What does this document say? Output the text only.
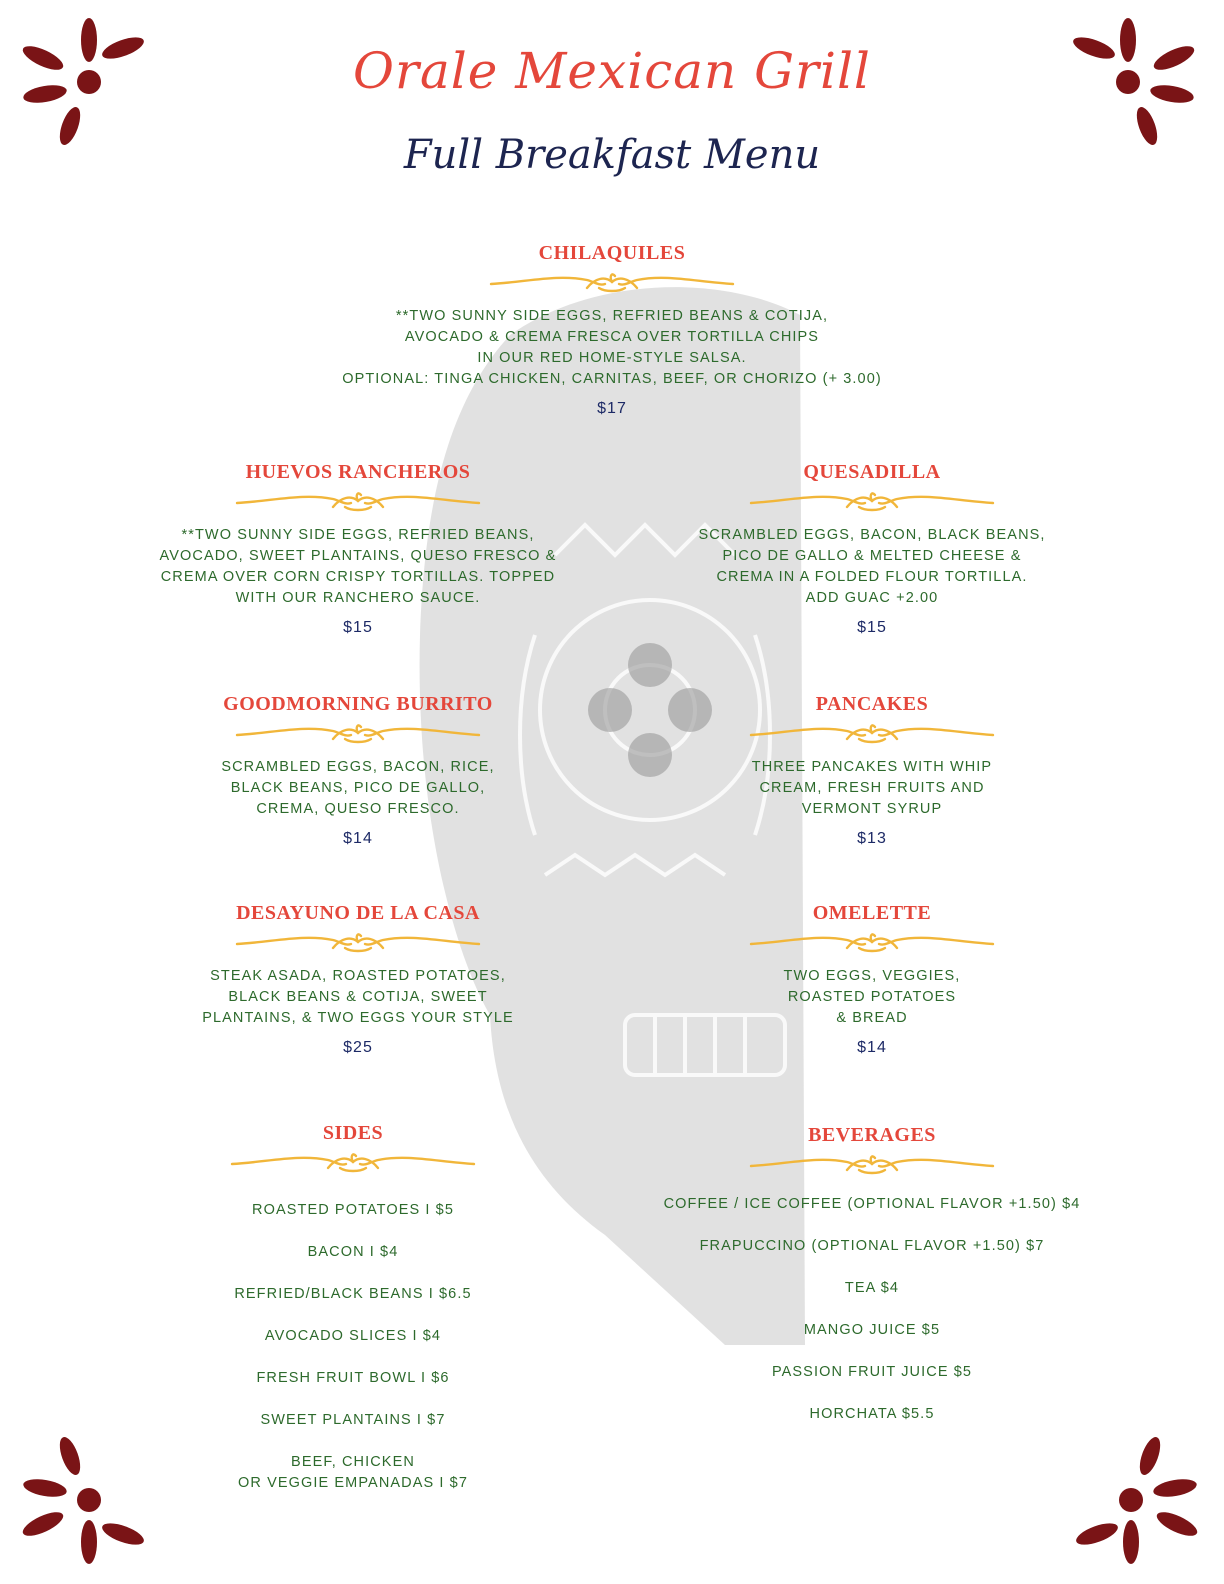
Orale Mexican Grill
Full Breakfast Menu
CHILAQUILES
**TWO SUNNY SIDE EGGS, REFRIED BEANS & COTIJA,
AVOCADO & CREMA FRESCA OVER TORTILLA CHIPS
IN OUR RED HOME-STYLE SALSA.
OPTIONAL: TINGA CHICKEN, CARNITAS, BEEF, OR CHORIZO (+ 3.00)
$17
HUEVOS RANCHEROS
**TWO SUNNY SIDE EGGS, REFRIED BEANS,
AVOCADO, SWEET PLANTAINS, QUESO FRESCO &
CREMA OVER CORN CRISPY TORTILLAS. TOPPED
WITH OUR RANCHERO SAUCE.
$15
QUESADILLA
SCRAMBLED EGGS, BACON, BLACK BEANS,
PICO DE GALLO & MELTED CHEESE &
CREMA IN A FOLDED FLOUR TORTILLA.
ADD GUAC +2.00
$15
GOODMORNING BURRITO
SCRAMBLED EGGS, BACON, RICE,
BLACK BEANS, PICO DE GALLO,
CREMA, QUESO FRESCO.
$14
PANCAKES
THREE PANCAKES WITH WHIP
CREAM, FRESH FRUITS AND
VERMONT SYRUP
$13
DESAYUNO DE LA CASA
STEAK ASADA, ROASTED POTATOES,
BLACK BEANS & COTIJA, SWEET
PLANTAINS, & TWO EGGS YOUR STYLE
$25
OMELETTE
TWO EGGS, VEGGIES,
ROASTED POTATOES
& BREAD
$14
SIDES
ROASTED POTATOES I $5
BACON I $4
REFRIED/BLACK BEANS I $6.5
AVOCADO SLICES I $4
FRESH FRUIT BOWL I $6
SWEET PLANTAINS I $7
BEEF, CHICKEN
OR VEGGIE EMPANADAS I $7
BEVERAGES
COFFEE / ICE COFFEE (OPTIONAL FLAVOR +1.50) $4
FRAPUCCINO (OPTIONAL FLAVOR +1.50) $7
TEA $4
MANGO JUICE $5
PASSION FRUIT JUICE $5
HORCHATA $5.5
